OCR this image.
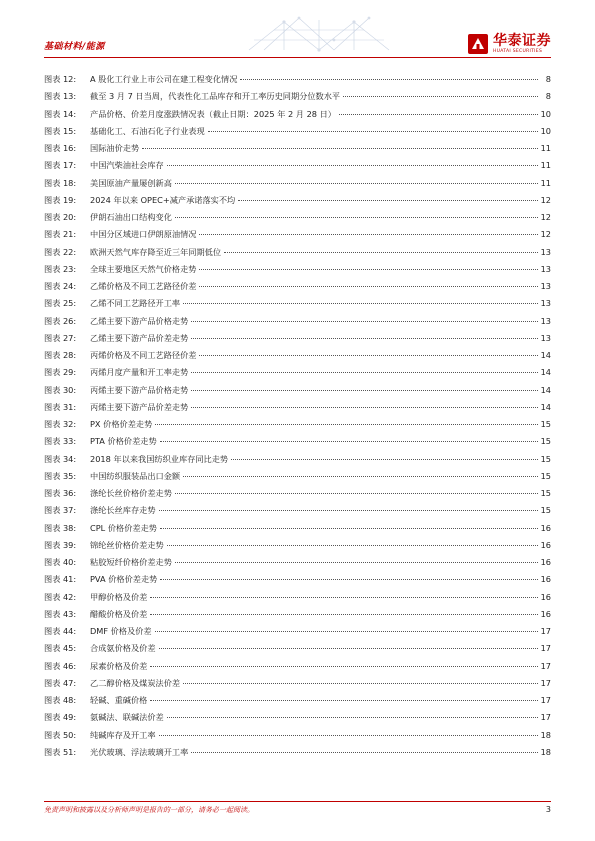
基础材料/能源	华泰证券
HUATAI SECURITIES
图表 12:	A 股化工行业上市公司在建工程变化情况	8
图表 13:	截至 3 月 7 日当周，代表性化工品库存和开工率历史同期分位数水平	8
图表 14:	产品价格、价差月度涨跌情况表（截止日期：2025 年 2 月 28 日）	10
图表 15:	基础化工、石油石化子行业表现	10
图表 16:	国际油价走势	11
图表 17:	中国汽柴油社会库存	11
图表 18:	美国原油产量屡创新高	11
图表 19:	2024 年以来 OPEC+减产承诺落实不均	12
图表 20:	伊朗石油出口结构变化	12
图表 21:	中国分区域进口伊朗原油情况	12
图表 22:	欧洲天然气库存降至近三年同期低位	13
图表 23:	全球主要地区天然气价格走势	13
图表 24:	乙烯价格及不同工艺路径价差	13
图表 25:	乙烯不同工艺路径开工率	13
图表 26:	乙烯主要下游产品价格走势	13
图表 27:	乙烯主要下游产品价差走势	13
图表 28:	丙烯价格及不同工艺路径价差	14
图表 29:	丙烯月度产量和开工率走势	14
图表 30:	丙烯主要下游产品价格走势	14
图表 31:	丙烯主要下游产品价差走势	14
图表 32:	PX 价格价差走势	15
图表 33:	PTA 价格价差走势	15
图表 34:	2018 年以来我国纺织业库存同比走势	15
图表 35:	中国纺织服装品出口金额	15
图表 36:	涤纶长丝价格价差走势	15
图表 37:	涤纶长丝库存走势	15
图表 38:	CPL 价格价差走势	16
图表 39:	锦纶丝价格价差走势	16
图表 40:	粘胶短纤价格价差走势	16
图表 41:	PVA 价格价差走势	16
图表 42:	甲醇价格及价差	16
图表 43:	醋酸价格及价差	16
图表 44:	DMF 价格及价差	17
图表 45:	合成氨价格及价差	17
图表 46:	尿素价格及价差	17
图表 47:	乙二醇价格及煤炭法价差	17
图表 48:	轻碱、重碱价格	17
图表 49:	氨碱法、联碱法价差	17
图表 50:	纯碱库存及开工率	18
图表 51:	光伏玻璃、浮法玻璃开工率	18
免责声明和披露以及分析师声明是报告的一部分，请务必一起阅读。	3
